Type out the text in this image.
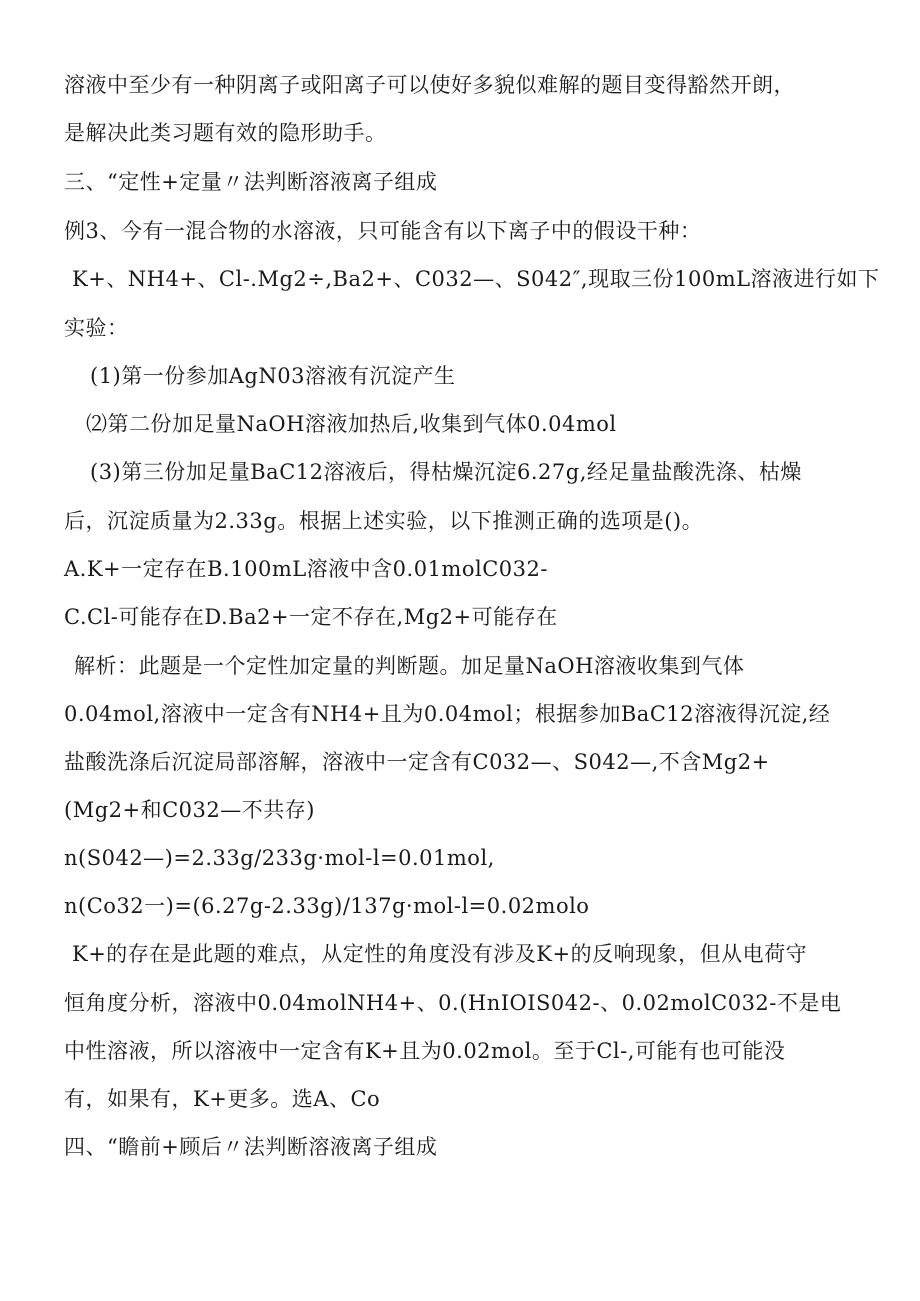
溶液中至少有一种阴离子或阳离子可以使好多貌似难解的题目变得豁然开朗，
是解决此类习题有效的隐形助手。
三、“定性+定量〃法判断溶液离子组成
例3、今有一混合物的水溶液，只可能含有以下离子中的假设干种：
K+、NH4+、Cl-.Mg2÷,Ba2+、C032—、S042″,现取三份100mL溶液进行如下
实验：
(1)第一份参加AgN03溶液有沉淀产生
⑵第二份加足量NaOH溶液加热后,收集到气体0.04mol
(3)第三份加足量BaC12溶液后，得枯燥沉淀6.27g,经足量盐酸洗涤、枯燥
后，沉淀质量为2.33g。根据上述实验，以下推测正确的选项是()。
A.K+一定存在B.100mL溶液中含0.01molC032-
C.Cl-可能存在D.Ba2+一定不存在,Mg2+可能存在
解析：此题是一个定性加定量的判断题。加足量NaOH溶液收集到气体
0.04mol,溶液中一定含有NH4+且为0.04mol；根据参加BaC12溶液得沉淀,经
盐酸洗涤后沉淀局部溶解，溶液中一定含有C032—、S042—,不含Mg2+
(Mg2+和C032—不共存)
n(S042—)=2.33g/233g·mol-l=0.01mol,
n(Co32一)=(6.27g-2.33g)/137g·mol-l=0.02molo
K+的存在是此题的难点，从定性的角度没有涉及K+的反响现象，但从电荷守
恒角度分析，溶液中0.04molNH4+、0.(HnIOIS042-、0.02molC032-不是电
中性溶液，所以溶液中一定含有K+且为0.02mol。至于Cl-,可能有也可能没
有，如果有，K+更多。选A、Co
四、“瞻前+顾后〃法判断溶液离子组成
